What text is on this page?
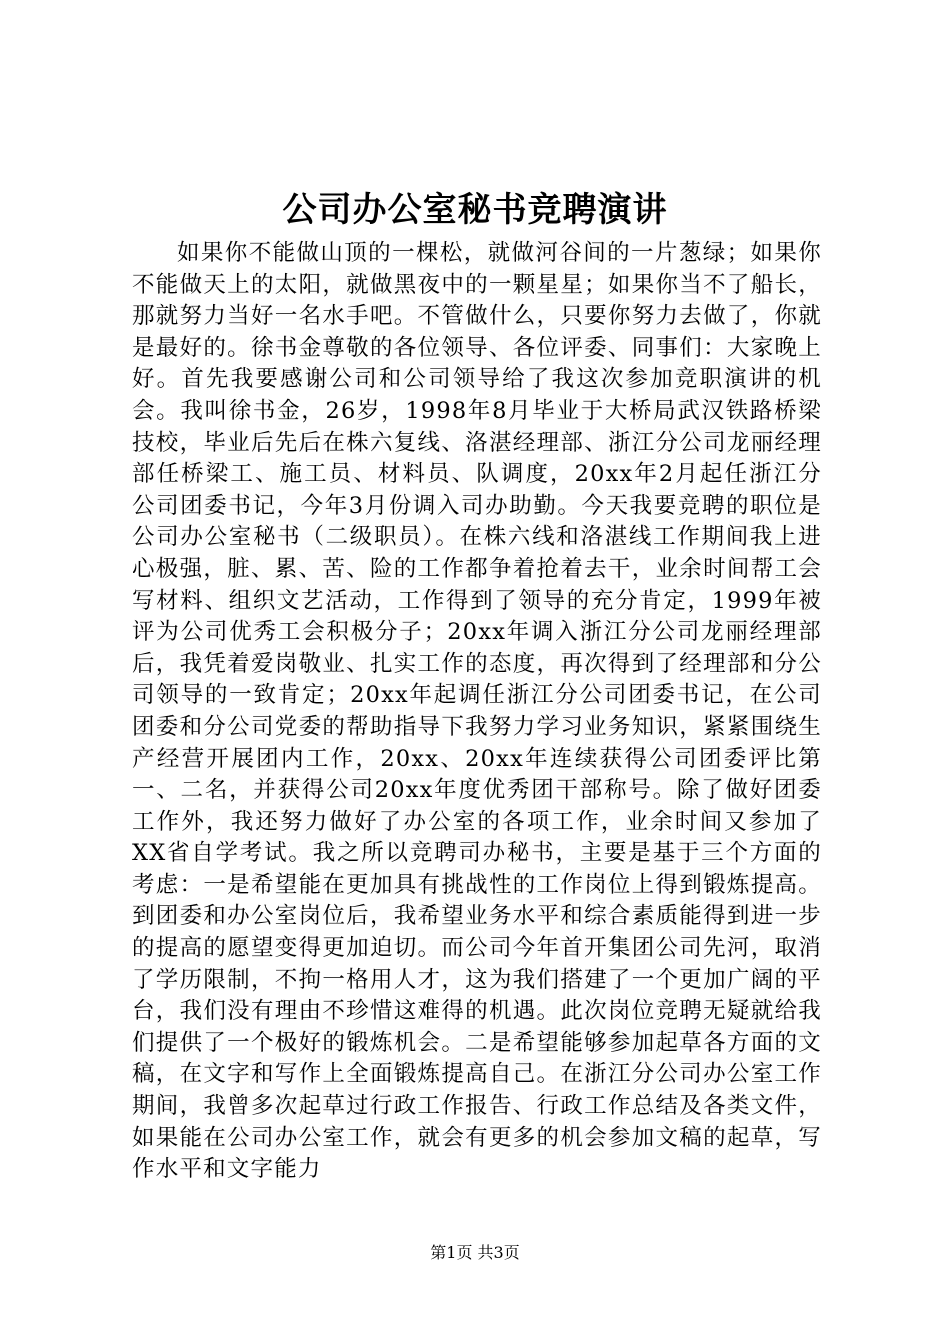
公司办公室秘书竞聘演讲

如果你不能做山顶的一棵松，就做河谷间的一片葱绿；如果你不能做天上的太阳，就做黑夜中的一颗星星；如果你当不了船长，那就努力当好一名水手吧。不管做什么，只要你努力去做了，你就是最好的。徐书金尊敬的各位领导、各位评委、同事们：大家晚上好。首先我要感谢公司和公司领导给了我这次参加竞职演讲的机会。我叫徐书金，26岁，1998年8月毕业于大桥局武汉铁路桥梁技校，毕业后先后在株六复线、洛湛经理部、浙江分公司龙丽经理部任桥梁工、施工员、材料员、队调度，20xx年2月起任浙江分公司团委书记，今年3月份调入司办助勤。今天我要竞聘的职位是公司办公室秘书（二级职员）。在株六线和洛湛线工作期间我上进心极强，脏、累、苦、险的工作都争着抢着去干，业余时间帮工会写材料、组织文艺活动，工作得到了领导的充分肯定，1999年被评为公司优秀工会积极分子；20xx年调入浙江分公司龙丽经理部后，我凭着爱岗敬业、扎实工作的态度，再次得到了经理部和分公司领导的一致肯定；20xx年起调任浙江分公司团委书记，在公司团委和分公司党委的帮助指导下我努力学习业务知识，紧紧围绕生产经营开展团内工作，20xx、20xx年连续获得公司团委评比第一、二名，并获得公司20xx年度优秀团干部称号。除了做好团委工作外，我还努力做好了办公室的各项工作，业余时间又参加了XX省自学考试。我之所以竞聘司办秘书，主要是基于三个方面的考虑：一是希望能在更加具有挑战性的工作岗位上得到锻炼提高。到团委和办公室岗位后，我希望业务水平和综合素质能得到进一步的提高的愿望变得更加迫切。而公司今年首开集团公司先河，取消了学历限制，不拘一格用人才，这为我们搭建了一个更加广阔的平台，我们没有理由不珍惜这难得的机遇。此次岗位竞聘无疑就给我们提供了一个极好的锻炼机会。二是希望能够参加起草各方面的文稿，在文字和写作上全面锻炼提高自己。在浙江分公司办公室工作期间，我曾多次起草过行政工作报告、行政工作总结及各类文件，如果能在公司办公室工作，就会有更多的机会参加文稿的起草，写作水平和文字能力

第1页 共3页
